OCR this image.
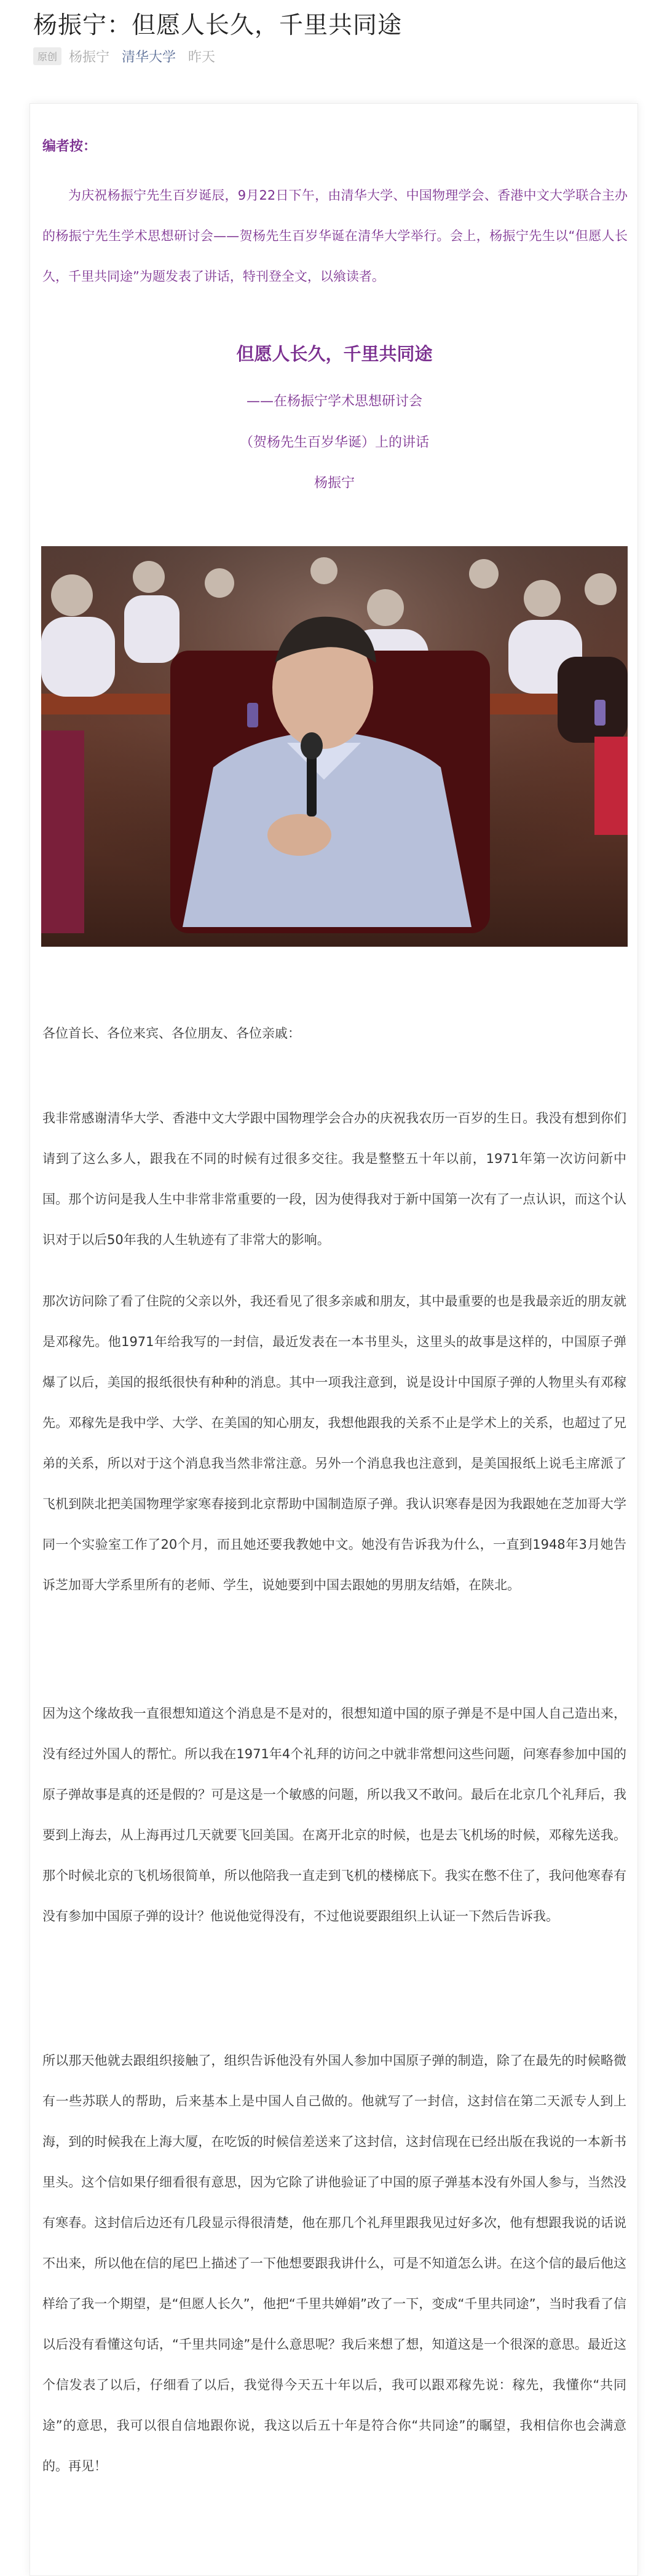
杨振宁：但愿人长久，千里共同途
原创 杨振宁 清华大学 昨天
编者按：
为庆祝杨振宁先生百岁诞辰，9月22日下午，由清华大学、中国物理学会、香港中文大学联合主办的杨振宁先生学术思想研讨会——贺杨先生百岁华诞在清华大学举行。会上，杨振宁先生以“但愿人长久，千里共同途”为题发表了讲话，特刊登全文，以飨读者。
但愿人长久，千里共同途
——在杨振宁学术思想研讨会
（贺杨先生百岁华诞）上的讲话
杨振宁
各位首长、各位来宾、各位朋友、各位亲戚：
我非常感谢清华大学、香港中文大学跟中国物理学会合办的庆祝我农历一百岁的生日。我没有想到你们请到了这么多人，跟我在不同的时候有过很多交往。我是整整五十年以前，1971年第一次访问新中国。那个访问是我人生中非常非常重要的一段，因为使得我对于新中国第一次有了一点认识，而这个认识对于以后50年我的人生轨迹有了非常大的影响。
那次访问除了看了住院的父亲以外，我还看见了很多亲戚和朋友，其中最重要的也是我最亲近的朋友就是邓稼先。他1971年给我写的一封信，最近发表在一本书里头，这里头的故事是这样的，中国原子弹爆了以后，美国的报纸很快有种种的消息。其中一项我注意到，说是设计中国原子弹的人物里头有邓稼先。邓稼先是我中学、大学、在美国的知心朋友，我想他跟我的关系不止是学术上的关系，也超过了兄弟的关系，所以对于这个消息我当然非常注意。另外一个消息我也注意到，是美国报纸上说毛主席派了飞机到陕北把美国物理学家寒春接到北京帮助中国制造原子弹。我认识寒春是因为我跟她在芝加哥大学同一个实验室工作了20个月，而且她还要我教她中文。她没有告诉我为什么，一直到1948年3月她告诉芝加哥大学系里所有的老师、学生，说她要到中国去跟她的男朋友结婚，在陕北。
因为这个缘故我一直很想知道这个消息是不是对的，很想知道中国的原子弹是不是中国人自己造出来，没有经过外国人的帮忙。所以我在1971年4个礼拜的访问之中就非常想问这些问题，问寒春参加中国的原子弹故事是真的还是假的？可是这是一个敏感的问题，所以我又不敢问。最后在北京几个礼拜后，我要到上海去，从上海再过几天就要飞回美国。在离开北京的时候，也是去飞机场的时候，邓稼先送我。那个时候北京的飞机场很简单，所以他陪我一直走到飞机的楼梯底下。我实在憋不住了，我问他寒春有没有参加中国原子弹的设计？他说他觉得没有，不过他说要跟组织上认证一下然后告诉我。
所以那天他就去跟组织接触了，组织告诉他没有外国人参加中国原子弹的制造，除了在最先的时候略微有一些苏联人的帮助，后来基本上是中国人自己做的。他就写了一封信，这封信在第二天派专人到上海，到的时候我在上海大厦，在吃饭的时候信差送来了这封信，这封信现在已经出版在我说的一本新书里头。这个信如果仔细看很有意思，因为它除了讲他验证了中国的原子弹基本没有外国人参与，当然没有寒春。这封信后边还有几段显示得很清楚，他在那几个礼拜里跟我见过好多次，他有想跟我说的话说不出来，所以他在信的尾巴上描述了一下他想要跟我讲什么，可是不知道怎么讲。在这个信的最后他这样给了我一个期望，是“但愿人长久”，他把“千里共婵娟”改了一下，变成“千里共同途”，当时我看了信以后没有看懂这句话，“千里共同途”是什么意思呢？我后来想了想，知道这是一个很深的意思。最近这个信发表了以后，仔细看了以后，我觉得今天五十年以后，我可以跟邓稼先说：稼先，我懂你“共同途”的意思，我可以很自信地跟你说，我这以后五十年是符合你“共同途”的瞩望，我相信你也会满意的。再见！
